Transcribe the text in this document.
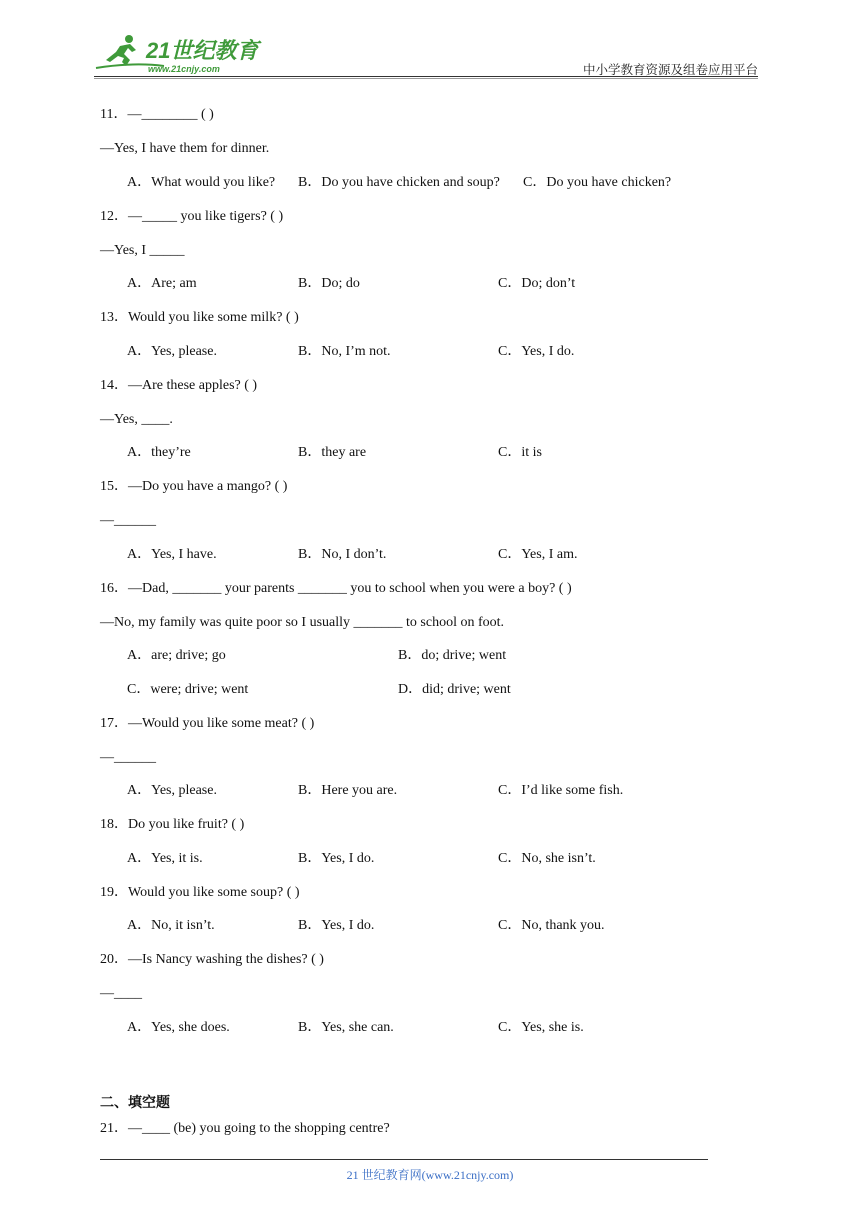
21世纪教育
www.21cnjy.com	中小学教育资源及组卷应用平台
11．—________ ( )
—Yes, I have them for dinner.
A．What would you like? B．Do you have chicken and soup? C．Do you have chicken?
12．—_____ you like tigers? ( )
—Yes, I _____
A．Are; am	B．Do; do	C．Do; don’t
13．Would you like some milk? ( )
A．Yes, please.	B．No, I’m not.	C．Yes, I do.
14．—Are these apples? ( )
—Yes, ____.
A．they’re	B．they are	C．it is
15．—Do you have a mango? ( )
—______
A．Yes, I have.	B．No, I don’t.	C．Yes, I am.
16．—Dad, _______ your parents _______ you to school when you were a boy? ( )
—No, my family was quite poor so I usually _______ to school on foot.
A．are; drive; go	B．do; drive; went
C．were; drive; went	D．did; drive; went
17．—Would you like some meat? ( )
—______
A．Yes, please.	B．Here you are.	C．I’d like some fish.
18．Do you like fruit? ( )
A．Yes, it is.	B．Yes, I do.	C．No, she isn’t.
19．Would you like some soup? ( )
A．No, it isn’t.	B．Yes, I do.	C．No, thank you.
20．—Is Nancy washing the dishes? ( )
—____
A．Yes, she does.	B．Yes, she can.	C．Yes, she is.
二、填空题
21．—____ (be) you going to the shopping centre?
21 世纪教育网(www.21cnjy.com)
